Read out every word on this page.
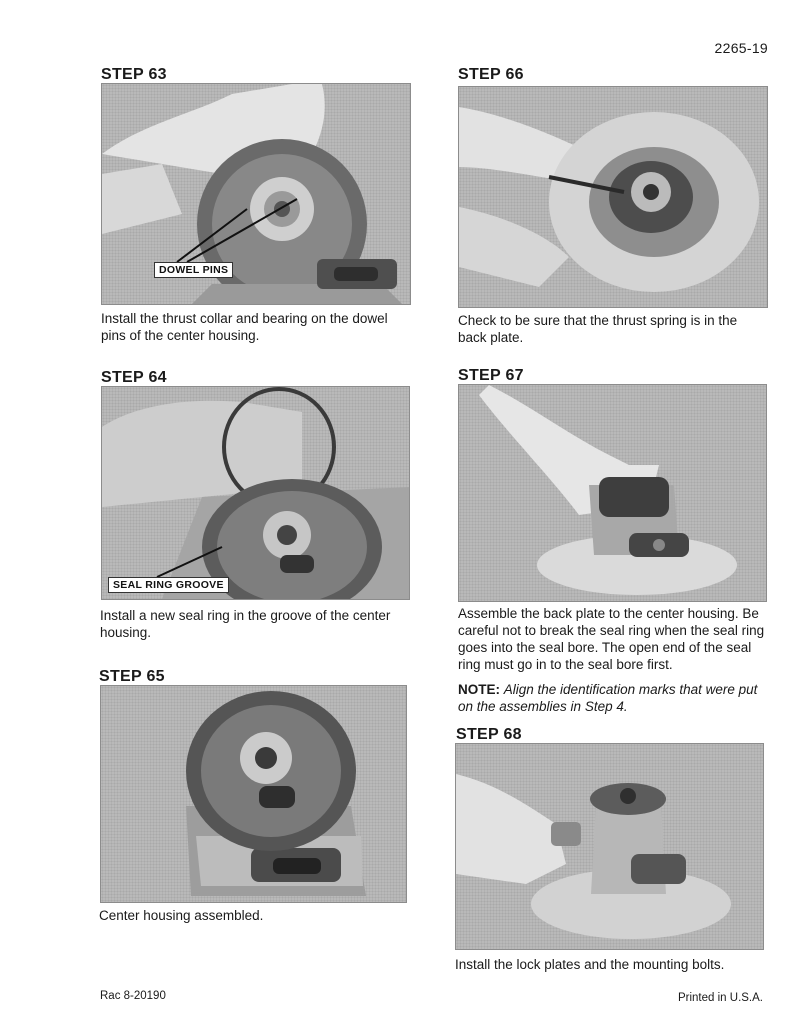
2265-19
STEP 63
DOWEL PINS
Install the thrust collar and bearing on the dowel pins of the center housing.
STEP 64
SEAL RING GROOVE
Install a new seal ring in the groove of the center housing.
STEP 65
Center housing assembled.
STEP 66
Check to be sure that the thrust spring is in the back plate.
STEP 67
Assemble the back plate to the center housing. Be careful not to break the seal ring when the seal ring goes into the seal bore. The open end of the seal ring must go in to the seal bore first.
NOTE: Align the identification marks that were put on the assemblies in Step 4.
STEP 68
Install the lock plates and the mounting bolts.
Rac 8-20190	Printed in U.S.A.
